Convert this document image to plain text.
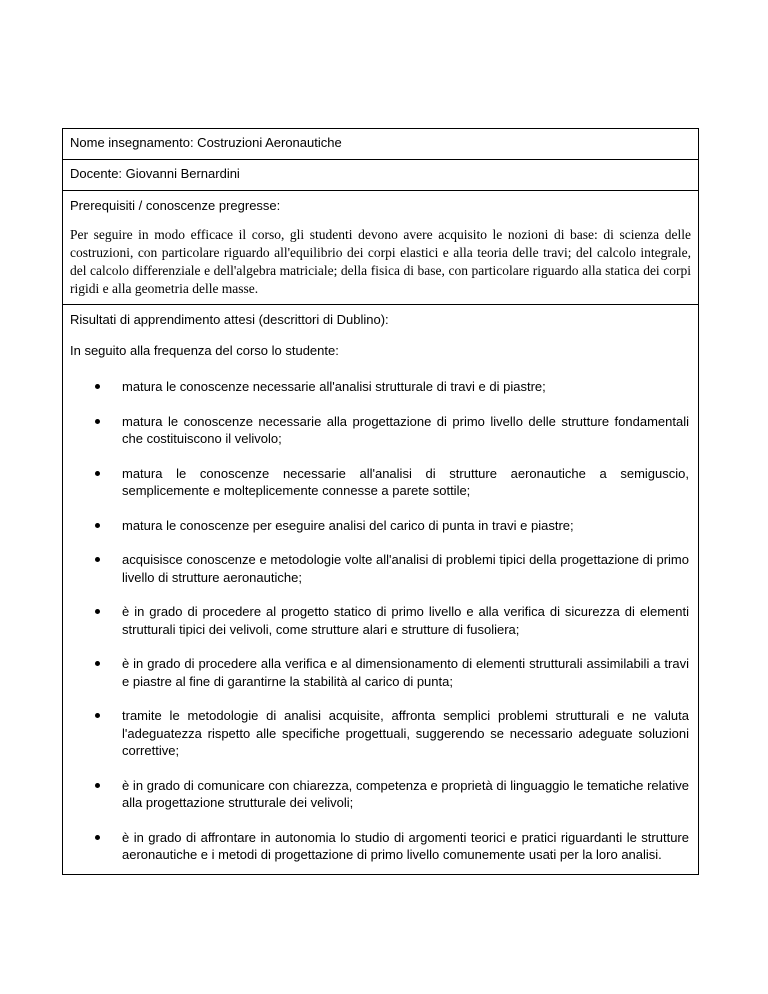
Nome insegnamento: Costruzioni Aeronautiche
Docente: Giovanni Bernardini
Prerequisiti / conoscenze pregresse:

Per seguire in modo efficace il corso, gli studenti devono avere acquisito le nozioni di base: di scienza delle costruzioni, con particolare riguardo all'equilibrio dei corpi elastici e alla teoria delle travi; del calcolo integrale, del calcolo differenziale e dell'algebra matriciale; della fisica di base, con particolare riguardo alla statica dei corpi rigidi e alla geometria delle masse.

Risultati di apprendimento attesi (descrittori di Dublino):

In seguito alla frequenza del corso lo studente:

matura le conoscenze necessarie all'analisi strutturale di travi e di piastre;
matura le conoscenze necessarie alla progettazione di primo livello delle strutture fondamentali che costituiscono il velivolo;
matura le conoscenze necessarie all'analisi di strutture aeronautiche a semiguscio, semplicemente e molteplicemente connesse a parete sottile;
matura le conoscenze per eseguire analisi del carico di punta in travi e piastre;
acquisisce conoscenze e metodologie volte all'analisi di problemi tipici della progettazione di primo livello di strutture aeronautiche;
è in grado di procedere al progetto statico di primo livello e alla verifica di sicurezza di elementi strutturali tipici dei velivoli, come strutture alari e strutture di fusoliera;
è in grado di procedere alla verifica e al dimensionamento di elementi strutturali assimilabili a travi e piastre al fine di garantirne la stabilità al carico di punta;
tramite le metodologie di analisi acquisite, affronta semplici problemi strutturali e ne valuta l'adeguatezza rispetto alle specifiche progettuali, suggerendo se necessario adeguate soluzioni correttive;
è in grado di comunicare con chiarezza, competenza e proprietà di linguaggio le tematiche relative alla progettazione strutturale dei velivoli;
è in grado di affrontare in autonomia lo studio di argomenti teorici e pratici riguardanti le strutture aeronautiche e i metodi di progettazione di primo livello comunemente usati per la loro analisi.
